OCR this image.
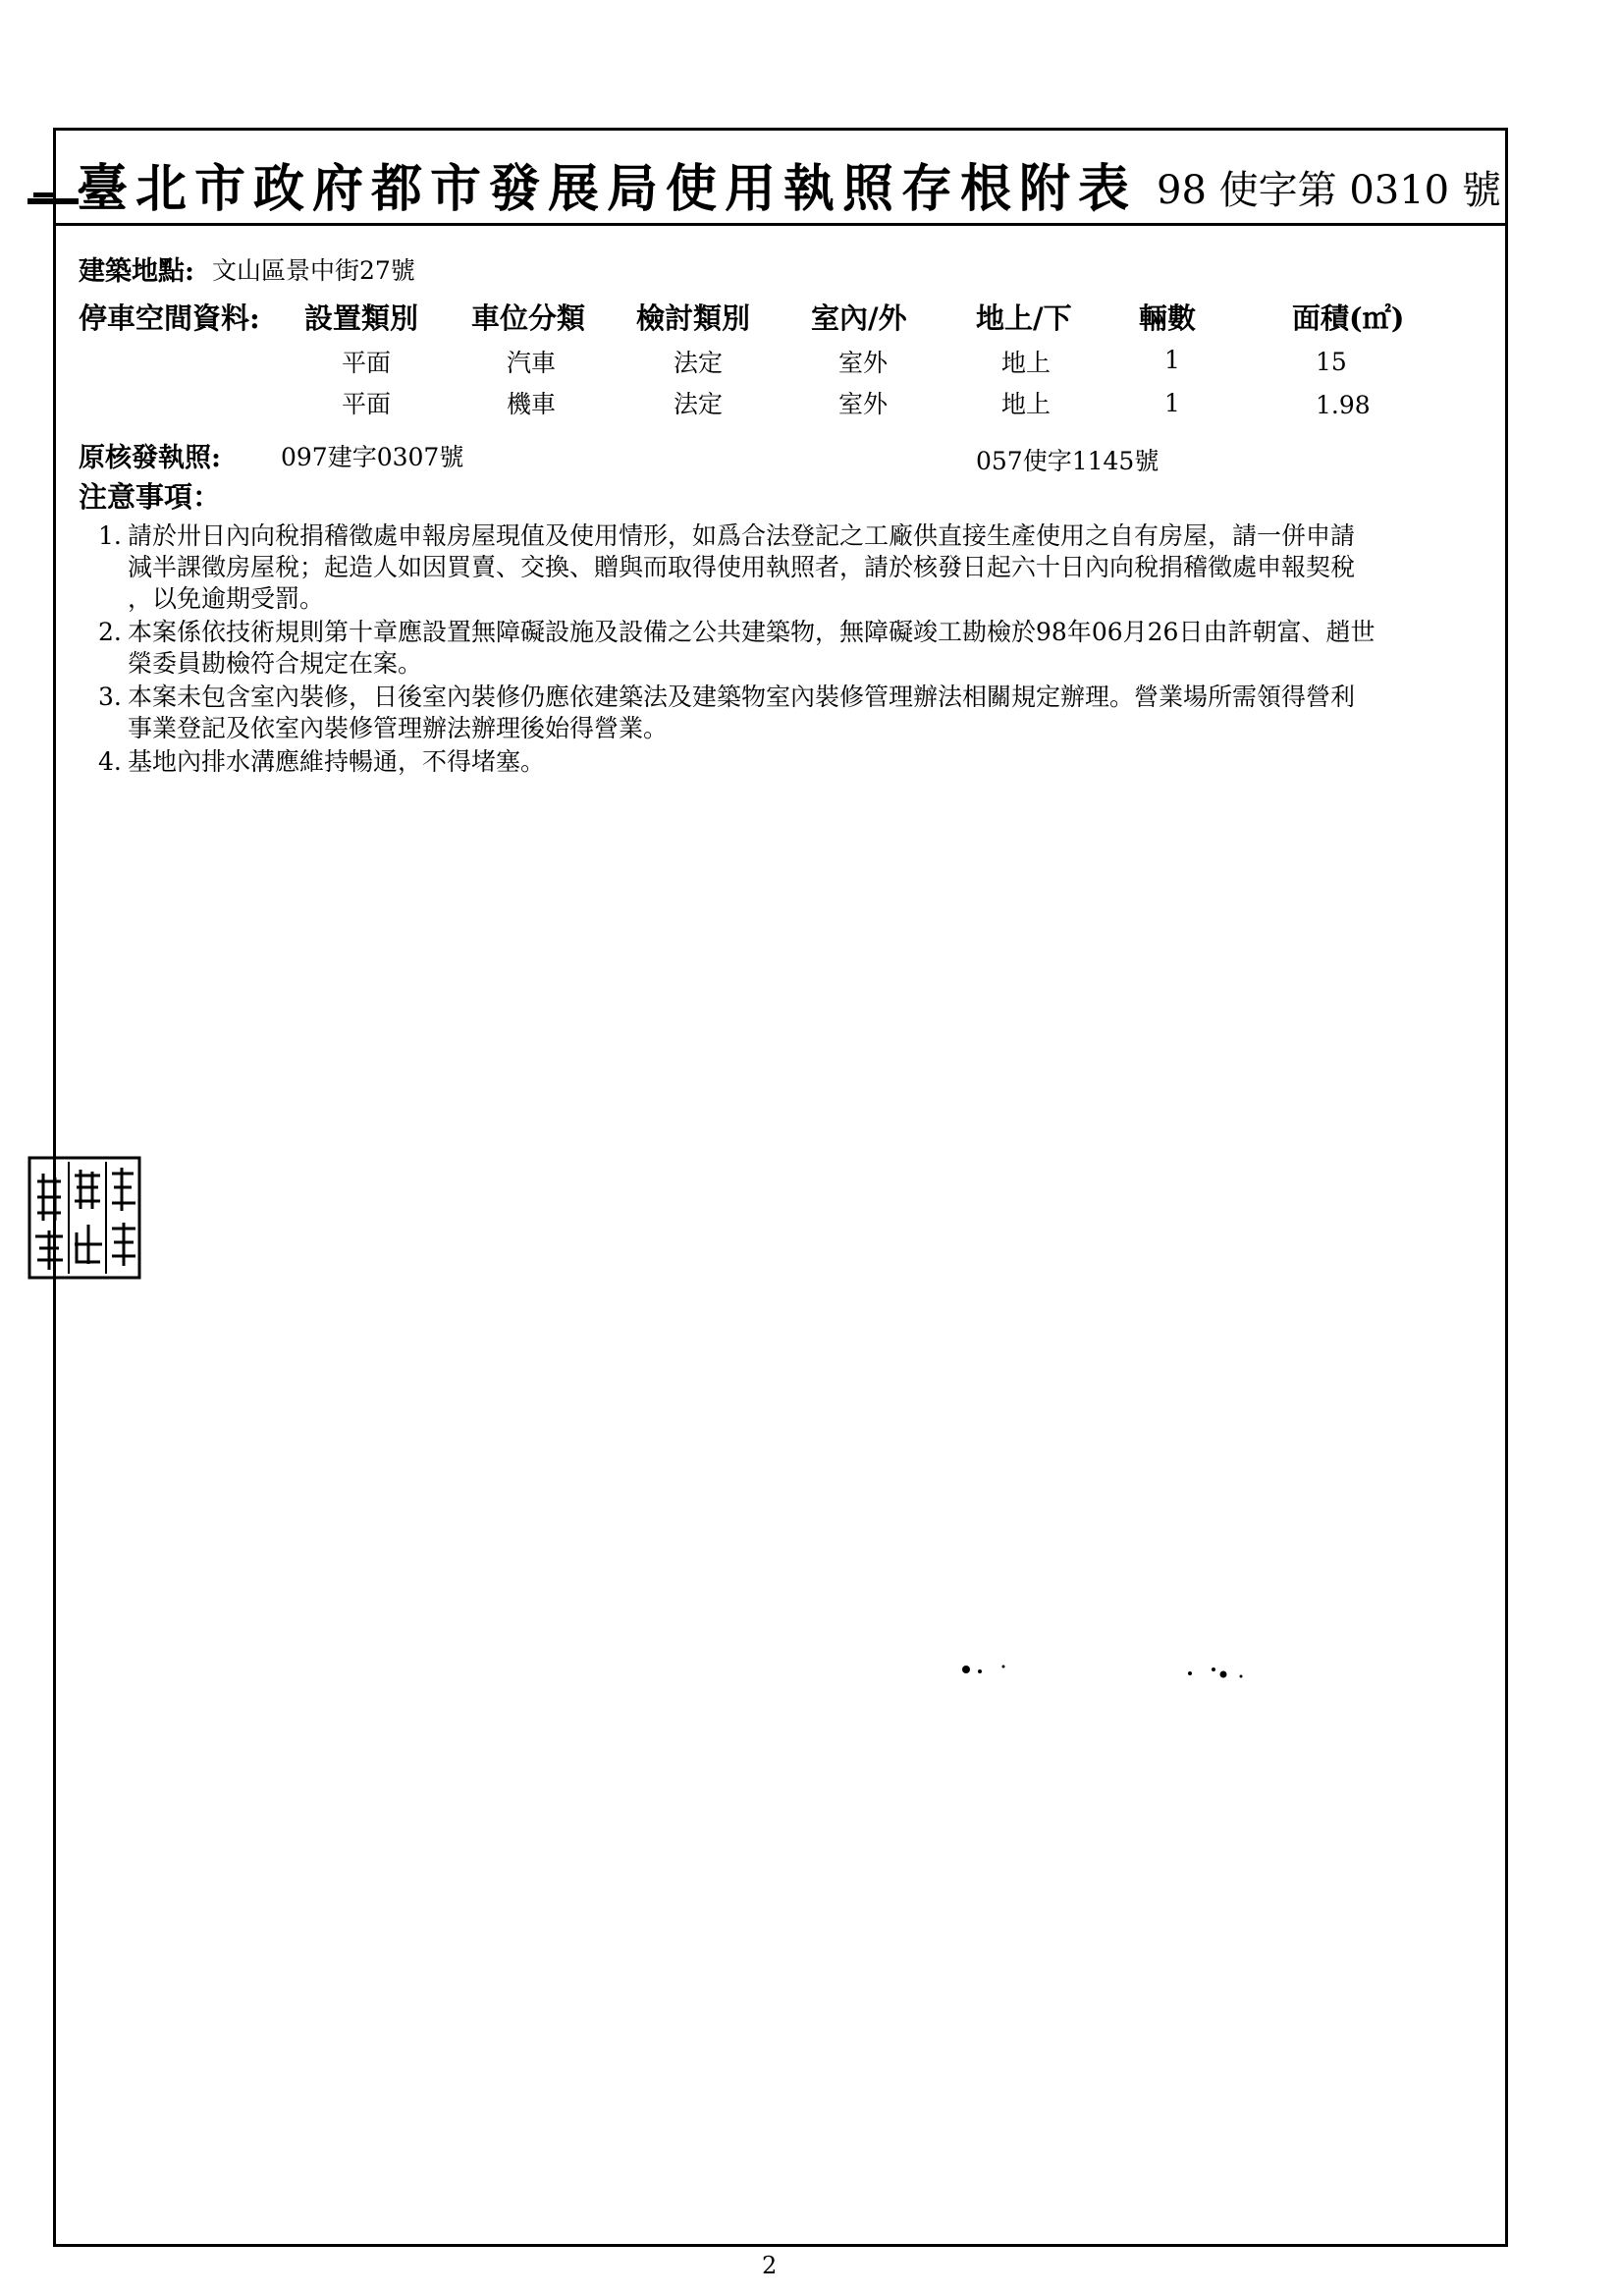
臺北市政府都市發展局使用執照存根附表 98 使字第 0310 號
建築地點: 文山區景中街27號
停車空間資料: 設置類別 車位分類 檢討類別 室內/外 地上/下 輛數	面積(㎡)
平面	汽車	法定	室外	地上	1	15
平面	機車	法定	室外	地上	1	1.98
原核發執照: 097建字0307號	057使字1145號
注意事項：
1. 請於卅日內向稅捐稽徵處申報房屋現值及使用情形，如爲合法登記之工廠供直接生產使用之自有房屋，請一併申請
減半課徵房屋稅；起造人如因買賣、交換、贈與而取得使用執照者，請於核發日起六十日內向稅捐稽徵處申報契稅
，以免逾期受罰。
2. 本案係依技術規則第十章應設置無障礙設施及設備之公共建築物，無障礙竣工勘檢於98年06月26日由許朝富、趙世
榮委員勘檢符合規定在案。
3. 本案未包含室內裝修，日後室內裝修仍應依建築法及建築物室內裝修管理辦法相關規定辦理。營業場所需領得營利
事業登記及依室內裝修管理辦法辦理後始得營業。
4. 基地內排水溝應維持暢通，不得堵塞。
2
